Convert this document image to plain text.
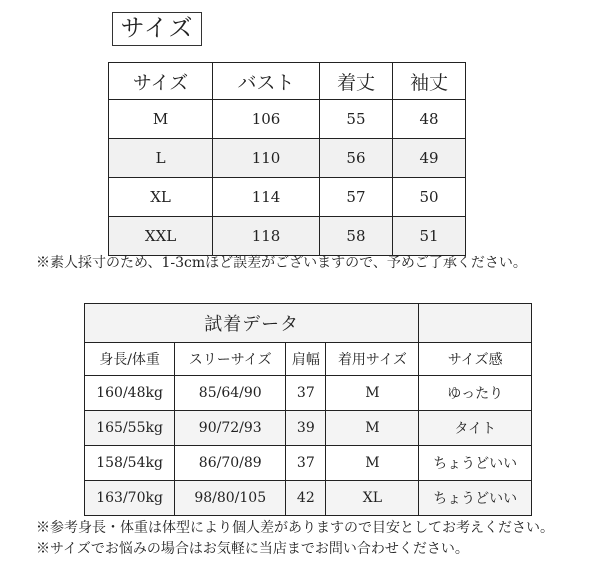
サイズ
サイズ	バスト	着丈	袖丈
M	106	55	48
L	110	56	49
XL	114	57	50
XXL	118	58	51
※素人採寸のため、1-3cmほど誤差がございますので、予めご了承ください。
試着データ				
身長/体重	スリーサイズ	肩幅	着用サイズ	サイズ感
160/48kg	85/64/90	37	M	ゆったり
165/55kg	90/72/93	39	M	タイト
158/54kg	86/70/89	37	M	ちょうどいい
163/70kg	98/80/105	42	XL	ちょうどいい
※参考身長・体重は体型により個人差がありますので目安としてお考えください。
※サイズでお悩みの場合はお気軽に当店までお問い合わせください。
